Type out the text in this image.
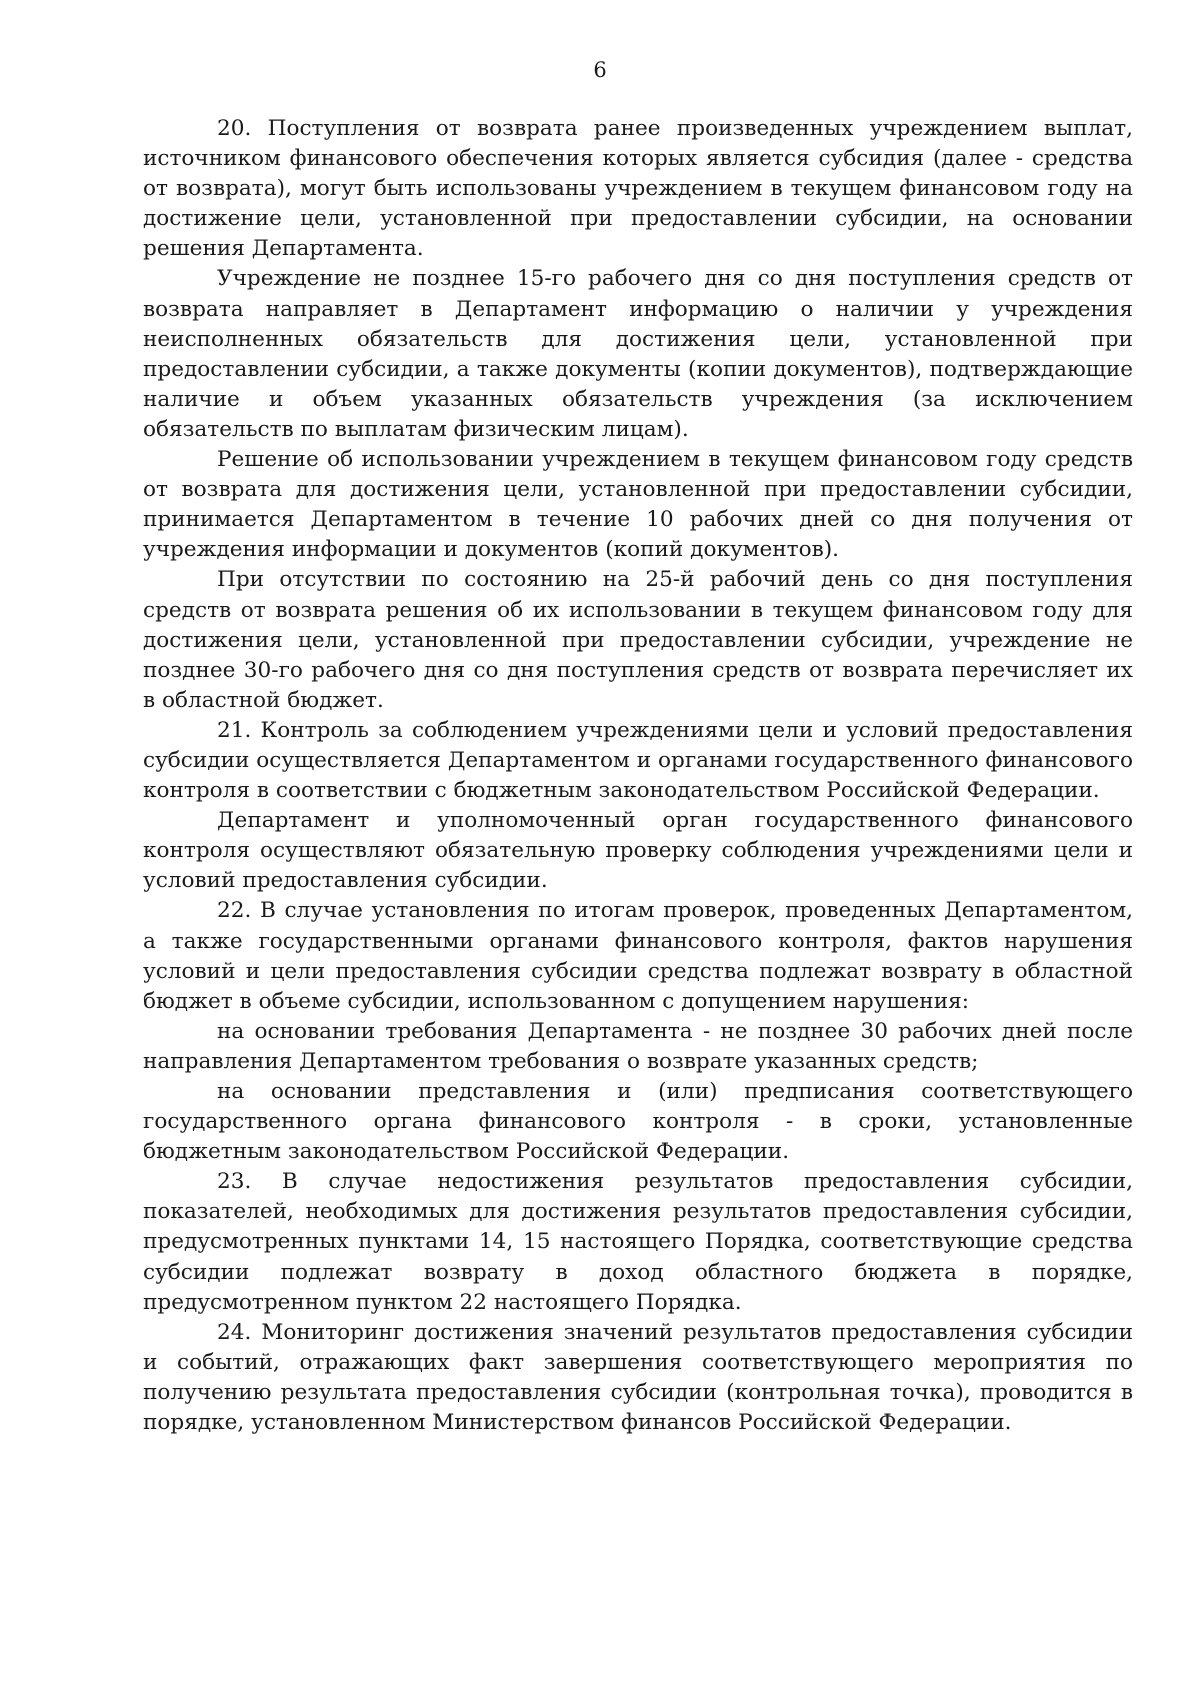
6

20. Поступления от возврата ранее произведенных учреждением выплат, источником финансового обеспечения которых является субсидия (далее - средства от возврата), могут быть использованы учреждением в текущем финансовом году на достижение цели, установленной при предоставлении субсидии, на основании решения Департамента.

Учреждение не позднее 15-го рабочего дня со дня поступления средств от возврата направляет в Департамент информацию о наличии у учреждения неисполненных обязательств для достижения цели, установленной при предоставлении субсидии, а также документы (копии документов), подтверждающие наличие и объем указанных обязательств учреждения (за исключением обязательств по выплатам физическим лицам).

Решение об использовании учреждением в текущем финансовом году средств от возврата для достижения цели, установленной при предоставлении субсидии, принимается Департаментом в течение 10 рабочих дней со дня получения от учреждения информации и документов (копий документов).

При отсутствии по состоянию на 25-й рабочий день со дня поступления средств от возврата решения об их использовании в текущем финансовом году для достижения цели, установленной при предоставлении субсидии, учреждение не позднее 30-го рабочего дня со дня поступления средств от возврата перечисляет их в областной бюджет.

21. Контроль за соблюдением учреждениями цели и условий предоставления субсидии осуществляется Департаментом и органами государственного финансового контроля в соответствии с бюджетным законодательством Российской Федерации.

Департамент и уполномоченный орган государственного финансового контроля осуществляют обязательную проверку соблюдения учреждениями цели и условий предоставления субсидии.

22. В случае установления по итогам проверок, проведенных Департаментом, а также государственными органами финансового контроля, фактов нарушения условий и цели предоставления субсидии средства подлежат возврату в областной бюджет в объеме субсидии, использованном с допущением нарушения:

на основании требования Департамента - не позднее 30 рабочих дней после направления Департаментом требования о возврате указанных средств;

на основании представления и (или) предписания соответствующего государственного органа финансового контроля - в сроки, установленные бюджетным законодательством Российской Федерации.

23. В случае недостижения результатов предоставления субсидии, показателей, необходимых для достижения результатов предоставления субсидии, предусмотренных пунктами 14, 15 настоящего Порядка, соответствующие средства субсидии подлежат возврату в доход областного бюджета в порядке, предусмотренном пунктом 22 настоящего Порядка.

24. Мониторинг достижения значений результатов предоставления субсидии и событий, отражающих факт завершения соответствующего мероприятия по получению результата предоставления субсидии (контрольная точка), проводится в порядке, установленном Министерством финансов Российской Федерации.
